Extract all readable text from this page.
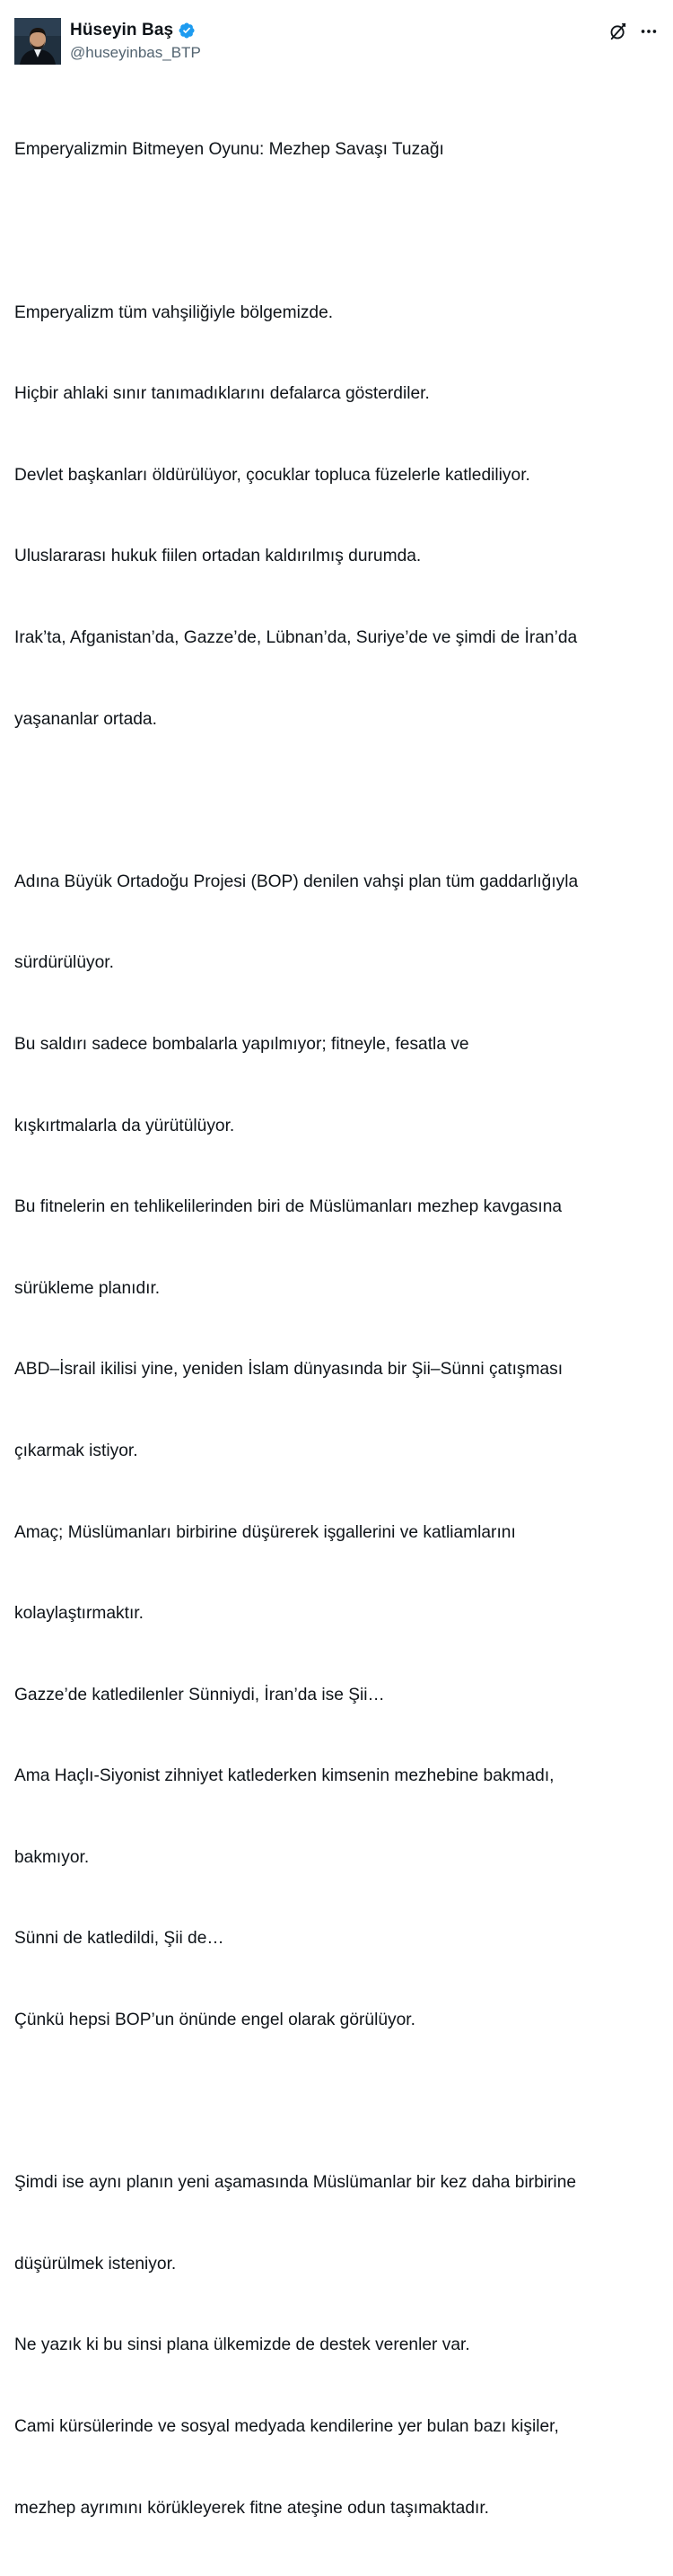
Hüseyin Baş
@huseyinbas_BTP

Emperyalizmin Bitmeyen Oyunu: Mezhep Savaşı Tuzağı

Emperyalizm tüm vahşiliğiyle bölgemizde.

Hiçbir ahlaki sınır tanımadıklarını defalarca gösterdiler.

Devlet başkanları öldürülüyor, çocuklar topluca füzelerle katlediliyor.

Uluslararası hukuk fiilen ortadan kaldırılmış durumda.

Irak’ta, Afganistan’da, Gazze’de, Lübnan’da, Suriye’de ve şimdi de İran’da

yaşananlar ortada.

Adına Büyük Ortadoğu Projesi (BOP) denilen vahşi plan tüm gaddarlığıyla

sürdürülüyor.

Bu saldırı sadece bombalarla yapılmıyor; fitneyle, fesatla ve

kışkırtmalarla da yürütülüyor.

Bu fitnelerin en tehlikelilerinden biri de Müslümanları mezhep kavgasına

sürükleme planıdır.

ABD–İsrail ikilisi yine, yeniden İslam dünyasında bir Şii–Sünni çatışması

çıkarmak istiyor.

Amaç; Müslümanları birbirine düşürerek işgallerini ve katliamlarını

kolaylaştırmaktır.

Gazze’de katledilenler Sünniydi, İran’da ise Şii…

Ama Haçlı-Siyonist zihniyet katlederken kimsenin mezhebine bakmadı,

bakmıyor.

Sünni de katledildi, Şii de…

Çünkü hepsi BOP’un önünde engel olarak görülüyor.

Şimdi ise aynı planın yeni aşamasında Müslümanlar bir kez daha birbirine

düşürülmek isteniyor.

Ne yazık ki bu sinsi plana ülkemizde de destek verenler var.

Cami kürsülerinde ve sosyal medyada kendilerine yer bulan bazı kişiler,

mezhep ayrımını körükleyerek fitne ateşine odun taşımaktadır.
